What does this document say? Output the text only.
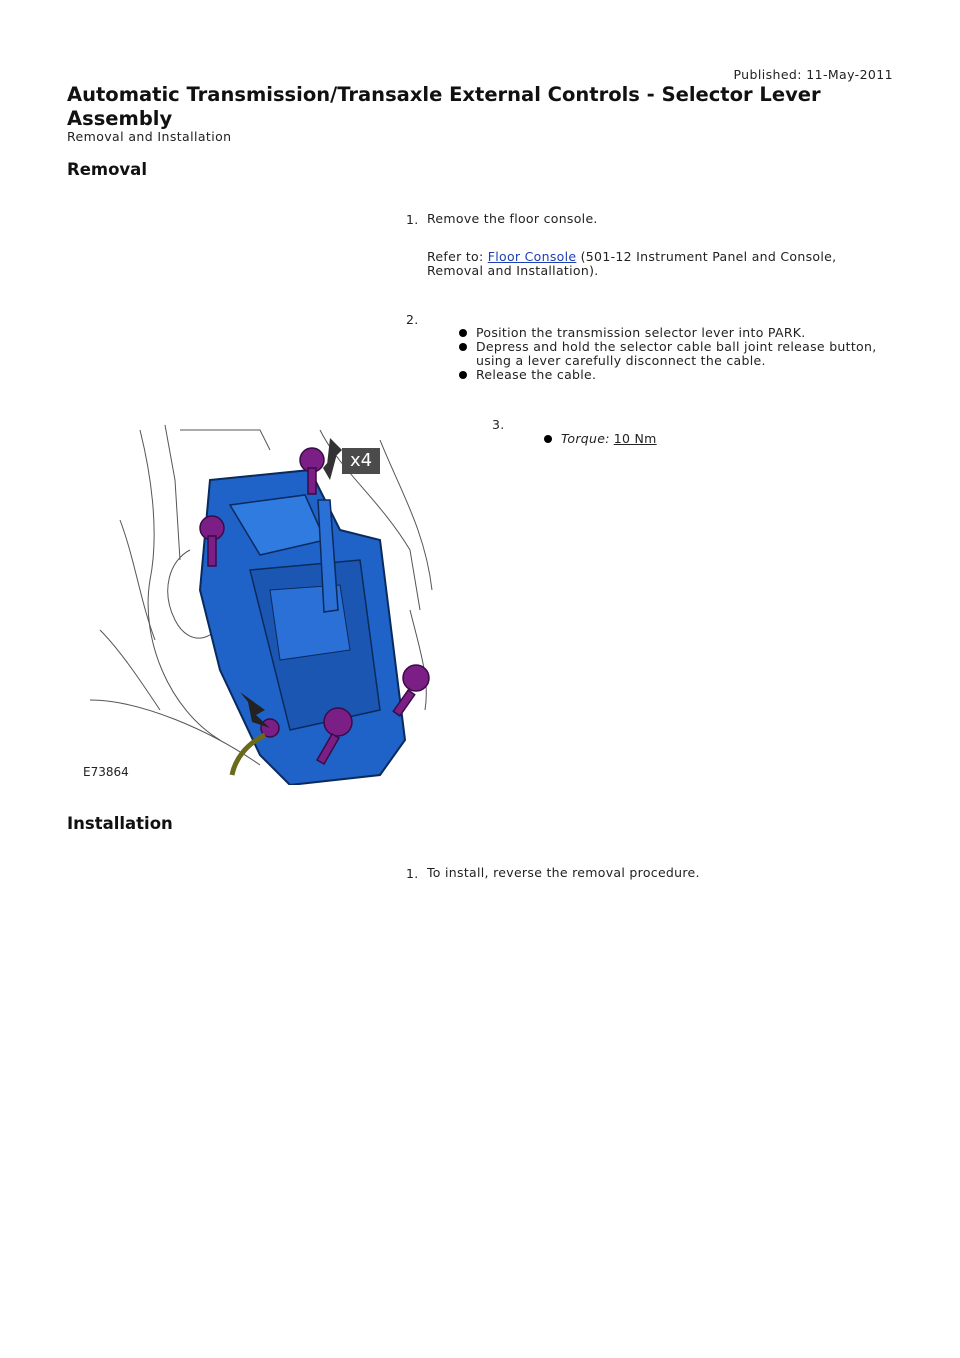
Published: 11-May-2011
Automatic Transmission/Transaxle External Controls - Selector Lever Assembly
Removal and Installation
Removal
1. Remove the floor console.
Refer to: Floor Console (501-12 Instrument Panel and Console, Removal and Installation).
2.
Position the transmission selector lever into PARK.
Depress and hold the selector cable ball joint release button, using a lever carefully disconnect the cable.
Release the cable.
3.
Torque: 10 Nm
x4
E73864
Installation
1. To install, reverse the removal procedure.
